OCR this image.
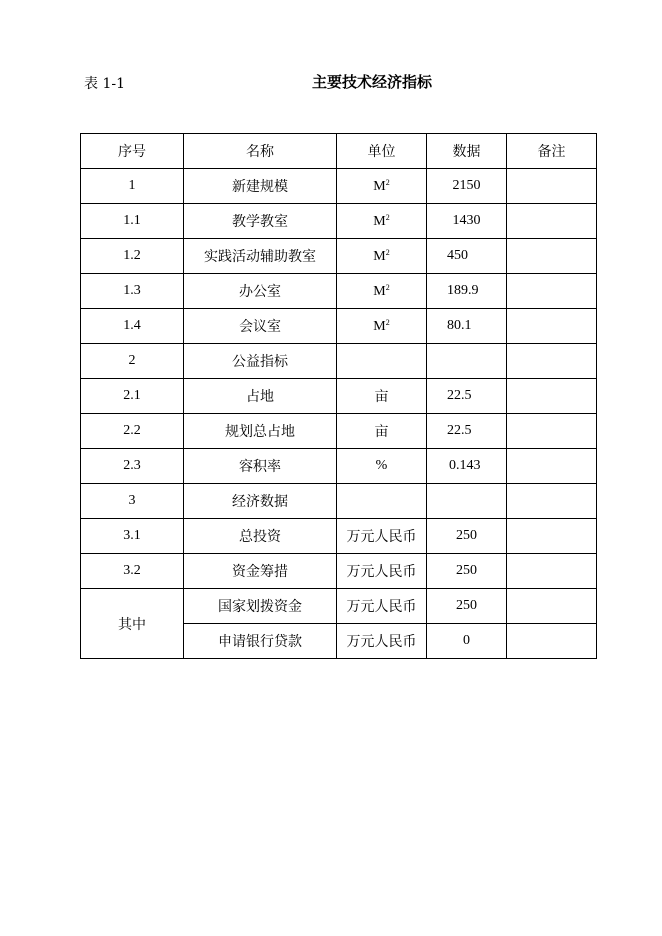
表 1-1	主要技术经济指标
序号	名称	单位	数据	备注
1	新建规模	$M^2$	2150	
1.1	教学教室	$M^2$	1430	
1.2	实践活动辅助教室	$M^2$	450	
1.3	办公室	$M^2$	189.9	
1.4	会议室	$M^2$	80.1	
2	公益指标			
2.1	占地	亩	22.5	
2.2	规划总占地	亩	22.5	
2.3	容积率	%	0.143	
3	经济数据			
3.1	总投资	万元人民币	250	
3.2	资金筹措	万元人民币	250	
其中	国家划拨资金	万元人民币	250	
	申请银行贷款	万元人民币	0	
